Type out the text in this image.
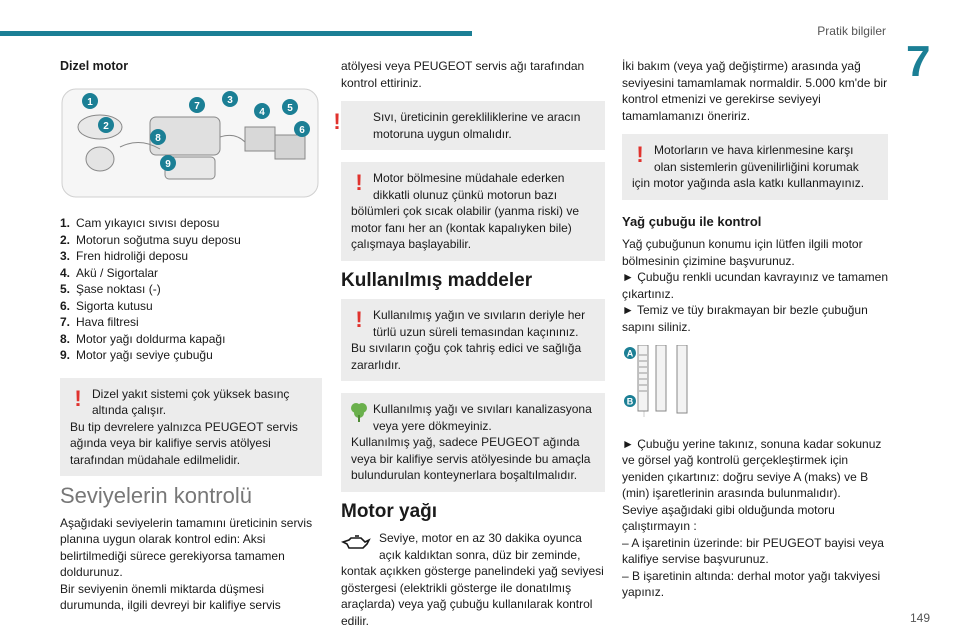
Pratik bilgiler
7
149
Dizel motor
1
2
3
4 5
6
7
8
9
1. Cam yıkayıcı sıvısı deposu
2. Motorun soğutma suyu deposu
3. Fren hidroliği deposu
4. Akü / Sigortalar
5. Şase noktası (-)
6. Sigorta kutusu
7. Hava filtresi
8. Motor yağı doldurma kapağı
9. Motor yağı seviye çubuğu
! Dizel yakıt sistemi çok yüksek basınç altında çalışır.
Bu tip devrelere yalnızca PEUGEOT servis ağında veya bir kalifiye servis atölyesi tarafından müdahale edilmelidir.
Seviyelerin kontrolü

Aşağıdaki seviyelerin tamamını üreticinin servis planına uygun olarak kontrol edin: Aksi belirtilmediği sürece gerekiyorsa tamamen doldurunuz.

Bir seviyenin önemli miktarda düşmesi durumunda, ilgili devreyi bir kalifiye servis

atölyesi veya PEUGEOT servis ağı tarafından kontrol ettiriniz.

!	Sıvı, üreticinin gerekliliklerine ve aracın motoruna uygun olmalıdır.
! Motor bölmesine müdahale ederken dikkatli olunuz çünkü motorun bazı
bölümleri çok sıcak olabilir (yanma riski) ve motor fanı her an (kontak kapalıyken bile) çalışmaya başlayabilir.
Kullanılmış maddeler
! Kullanılmış yağın ve sıvıların deriyle her türlü uzun süreli temasından kaçınınız.
Bu sıvıların çoğu çok tahriş edici ve sağlığa zararlıdır.
Kullanılmış yağı ve sıvıları kanalizasyona veya yere dökmeyiniz.
Kullanılmış yağ, sadece PEUGEOT ağında veya bir kalifiye servis atölyesinde bu amaçla bulundurulan konteynerlara boşaltılmalıdır.
Motor yağı
Seviye, motor en az 30 dakika oyunca açık kaldıktan sonra, düz bir zeminde,
kontak açıkken gösterge panelindeki yağ seviyesi göstergesi (elektrikli gösterge ile donatılmış araçlarda) veya yağ çubuğu kullanılarak kontrol edilir.

İki bakım (veya yağ değiştirme) arasında yağ seviyesini tamamlamak normaldir. 5.000 km'de bir kontrol etmenizi ve gerekirse seviyeyi tamamlamanızı öneririz.

! Motorların ve hava kirlenmesine karşı olan sistemlerin güvenilirliğini korumak
için motor yağında asla katkı kullanmayınız.
Yağ çubuğu ile kontrol

Yağ çubuğunun konumu için lütfen ilgili motor bölmesinin çizimine başvurunuz.

► Çubuğu renkli ucundan kavrayınız ve tamamen çıkartınız.
► Temiz ve tüy bırakmayan bir bezle çubuğun sapını siliniz.
A
B
► Çubuğu yerine takınız, sonuna kadar sokunuz ve görsel yağ kontrolü gerçekleştirmek için yeniden çıkartınız: doğru seviye A (maks) ve B (min) işaretlerinin arasında bulunmalıdır).
Seviye aşağıdaki gibi olduğunda motoru çalıştırmayın :
– A işaretinin üzerinde: bir PEUGEOT bayisi veya kalifiye servise başvurunuz.
– B işaretinin altında: derhal motor yağı takviyesi yapınız.
